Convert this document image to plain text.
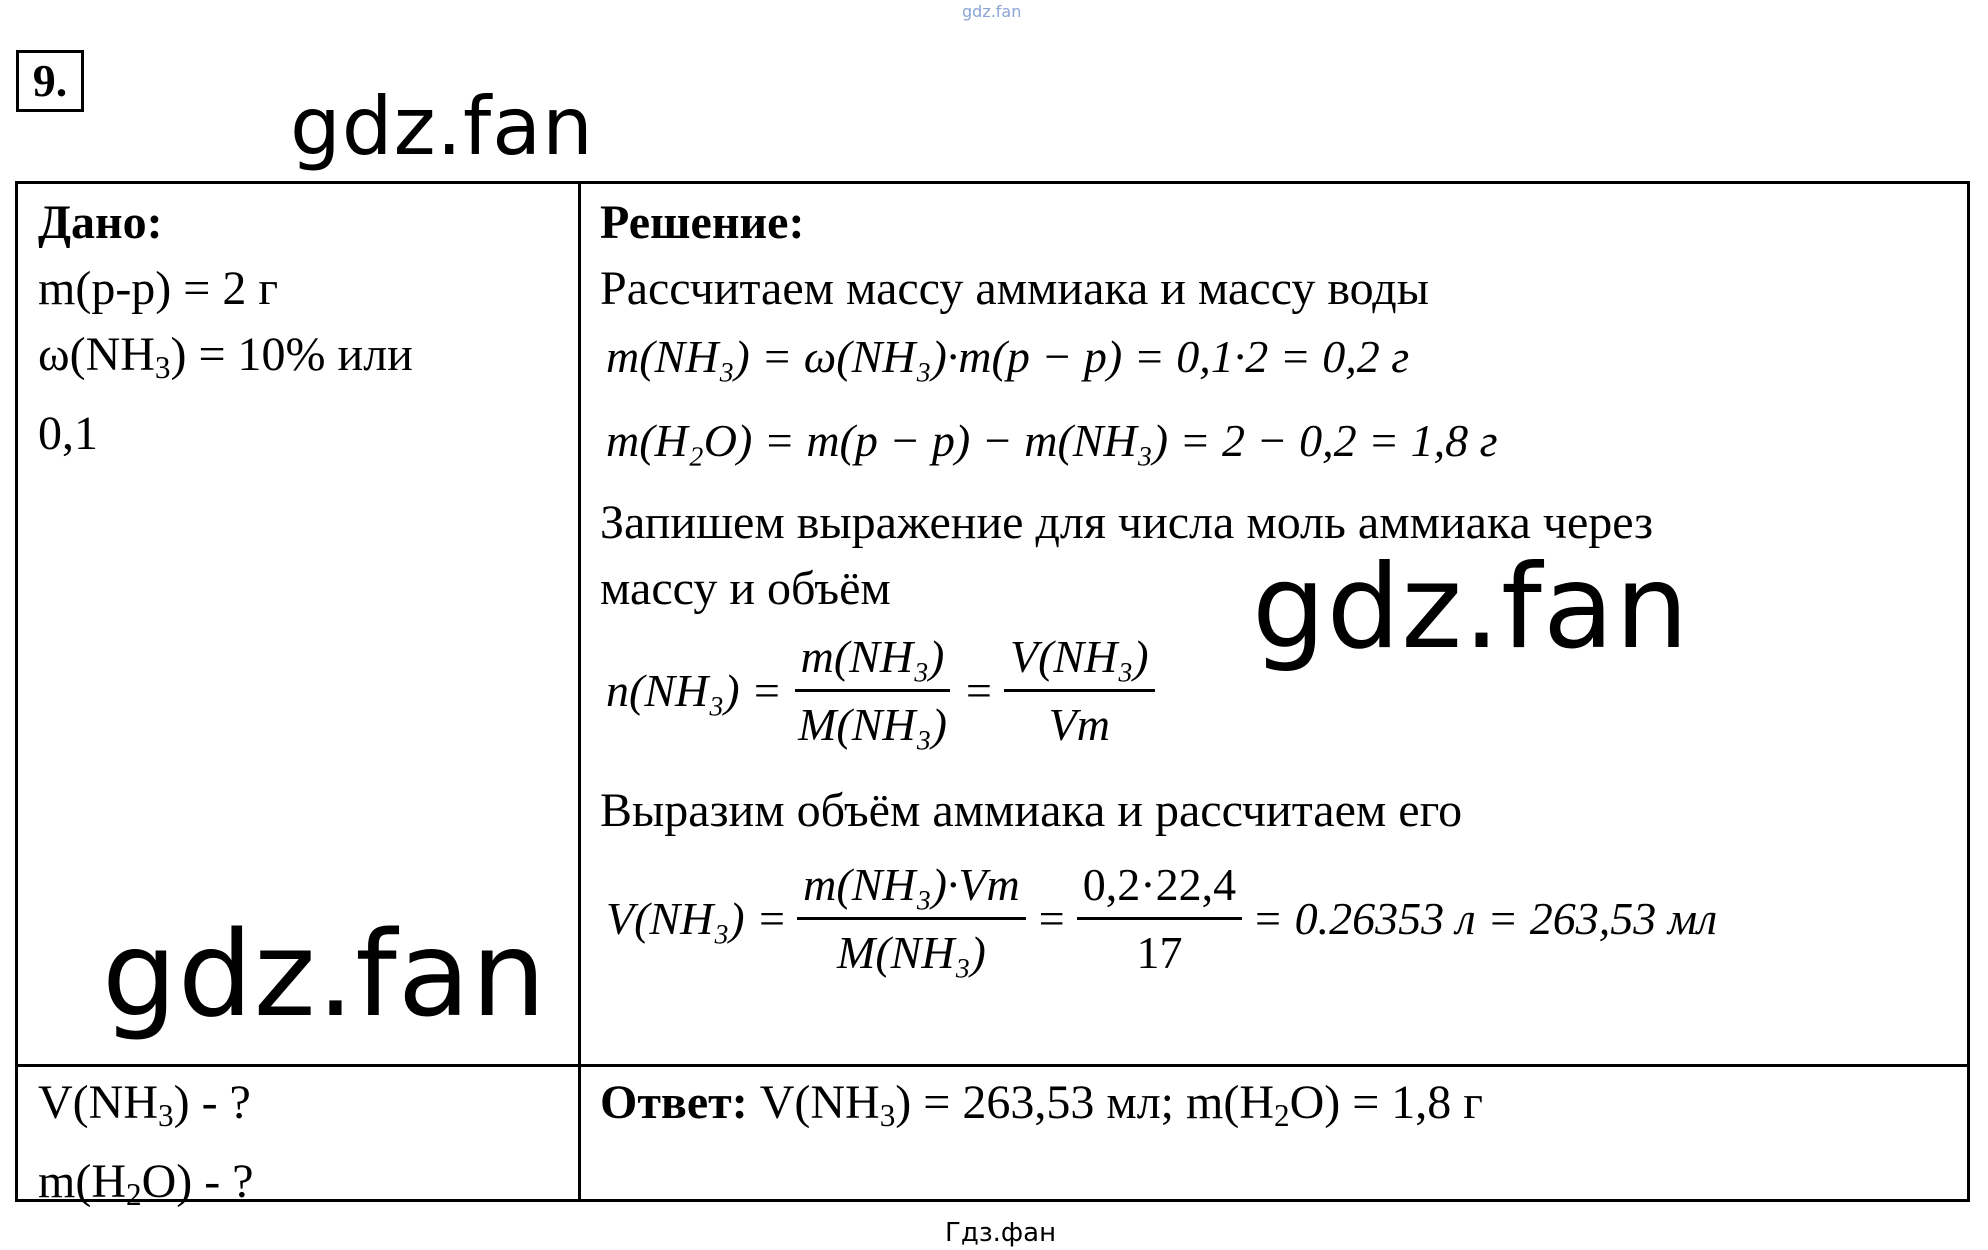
gdz.fan
9.	gdz.fan
Дано:
m(р-р) = 2 г
$\omega(NH_3) = 10\%$ или
0,1
$V(NH_3)$ - ?
$m(H_2O)$ - ?
Решение:
Рассчитаем массу аммиака и массу воды
m(NH₃) = ω(NH₃)·m(p − p) = 0,1·2 = 0,2 г
m(H₂O) = m(p − p) − m(NH₃) = 2 − 0,2 = 1,8 г
Запишем выражение для числа моль аммиака через
массу и объём
$n(NH_3) = \frac{\text{m(NH₃)}}{\text{M(NH₃)}} = \frac{\text{V(NH₃)}}{Vm}$
gdz.fan
Выразим объём аммиака и рассчитаем его
$V(NH_3) = \frac{\text{m(NH₃)·Vm}}{\text{M(NH₃)}} = \frac{0,2\cdot 22,4}{17} = 0.26353$ л = 263,53 мл
gdz.fan
Ответ: $V(NH_3) = 263,53$ мл; $m(H_2O) = 1,8$ г
Гдз.фан
